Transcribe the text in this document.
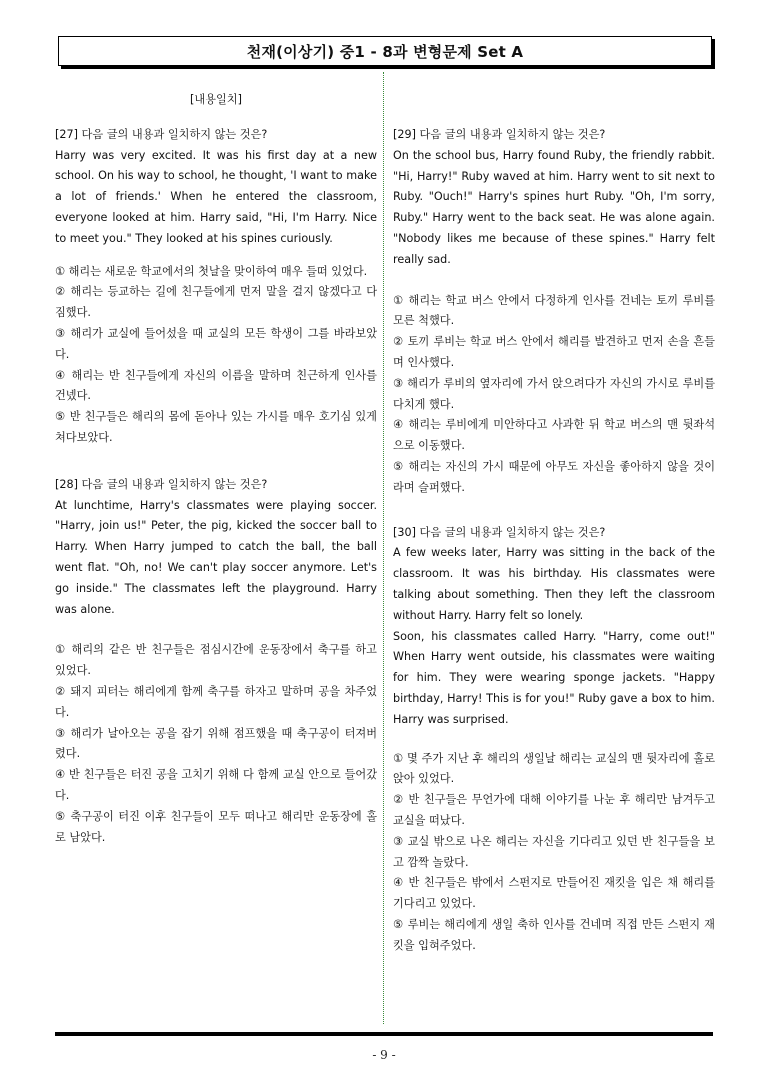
천재(이상기) 중1 - 8과 변형문제 Set A
[내용일치]

[27] 다음 글의 내용과 일치하지 않는 것은?

Harry was very excited. It was his first day at a new school. On his way to school, he thought, 'I want to make a lot of friends.' When he entered the classroom, everyone looked at him. Harry said, "Hi, I'm Harry. Nice to meet you." They looked at his spines curiously.

① 해리는 새로운 학교에서의 첫날을 맞이하여 매우 들떠 있었다.

② 해리는 등교하는 길에 친구들에게 먼저 말을 걸지 않겠다고 다짐했다.

③ 해리가 교실에 들어섰을 때 교실의 모든 학생이 그를 바라보았다.

④ 해리는 반 친구들에게 자신의 이름을 말하며 친근하게 인사를 건넸다.

⑤ 반 친구들은 해리의 몸에 돋아나 있는 가시를 매우 호기심 있게 쳐다보았다.

[28] 다음 글의 내용과 일치하지 않는 것은?

At lunchtime, Harry's classmates were playing soccer. "Harry, join us!" Peter, the pig, kicked the soccer ball to Harry. When Harry jumped to catch the ball, the ball went flat. "Oh, no! We can't play soccer anymore. Let's go inside." The classmates left the playground. Harry was alone.

① 해리의 같은 반 친구들은 점심시간에 운동장에서 축구를 하고 있었다.

② 돼지 피터는 해리에게 함께 축구를 하자고 말하며 공을 차주었다.

③ 해리가 날아오는 공을 잡기 위해 점프했을 때 축구공이 터져버렸다.

④ 반 친구들은 터진 공을 고치기 위해 다 함께 교실 안으로 들어갔다.

⑤ 축구공이 터진 이후 친구들이 모두 떠나고 해리만 운동장에 홀로 남았다.

[29] 다음 글의 내용과 일치하지 않는 것은?

On the school bus, Harry found Ruby, the friendly rabbit. "Hi, Harry!" Ruby waved at him. Harry went to sit next to Ruby. "Ouch!" Harry's spines hurt Ruby. "Oh, I'm sorry, Ruby." Harry went to the back seat. He was alone again. "Nobody likes me because of these spines." Harry felt really sad.

① 해리는 학교 버스 안에서 다정하게 인사를 건네는 토끼 루비를 모른 척했다.

② 토끼 루비는 학교 버스 안에서 해리를 발견하고 먼저 손을 흔들며 인사했다.

③ 해리가 루비의 옆자리에 가서 앉으려다가 자신의 가시로 루비를 다치게 했다.

④ 해리는 루비에게 미안하다고 사과한 뒤 학교 버스의 맨 뒷좌석으로 이동했다.

⑤ 해리는 자신의 가시 때문에 아무도 자신을 좋아하지 않을 것이라며 슬퍼했다.

[30] 다음 글의 내용과 일치하지 않는 것은?

A few weeks later, Harry was sitting in the back of the classroom. It was his birthday. His classmates were talking about something. Then they left the classroom without Harry. Harry felt so lonely.

Soon, his classmates called Harry. "Harry, come out!" When Harry went outside, his classmates were waiting for him. They were wearing sponge jackets. "Happy birthday, Harry! This is for you!" Ruby gave a box to him. Harry was surprised.

① 몇 주가 지난 후 해리의 생일날 해리는 교실의 맨 뒷자리에 홀로 앉아 있었다.

② 반 친구들은 무언가에 대해 이야기를 나눈 후 해리만 남겨두고 교실을 떠났다.

③ 교실 밖으로 나온 해리는 자신을 기다리고 있던 반 친구들을 보고 깜짝 놀랐다.

④ 반 친구들은 밖에서 스펀지로 만들어진 재킷을 입은 채 해리를 기다리고 있었다.

⑤ 루비는 해리에게 생일 축하 인사를 건네며 직접 만든 스펀지 재킷을 입혀주었다.

- 9 -
